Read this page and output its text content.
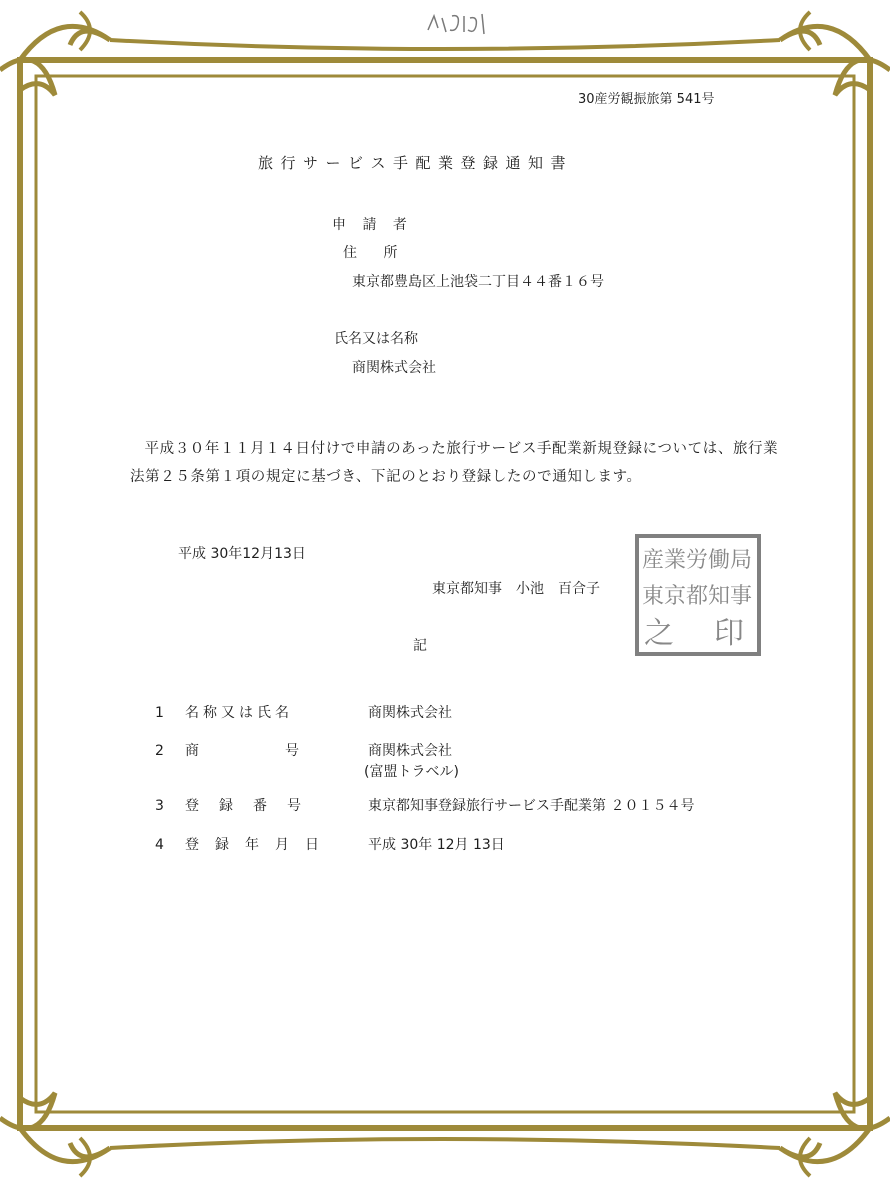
30産労観振旅第 541号
旅行サービス手配業登録通知書
申 請 者
住 所
東京都豊島区上池袋二丁目４４番１６号
氏名又は名称
商関株式会社
平成３０年１１月１４日付けで申請のあった旅行サービス手配業新規登録については、旅行業法第２５条第１項の規定に基づき、下記のとおり登録したので通知します。
平成 30年12月13日
東京都知事　小池　百合子
産業労働局
東京都知事
之 印
記
1 名称又は氏名	商関株式会社
2 商　　　　号	商関株式会社
(富盟トラベル)
3 登　録　番　号	東京都知事登録旅行サービス手配業第 ２０１５４号
4 登　録　年　月　日	平成 30年 12月 13日
